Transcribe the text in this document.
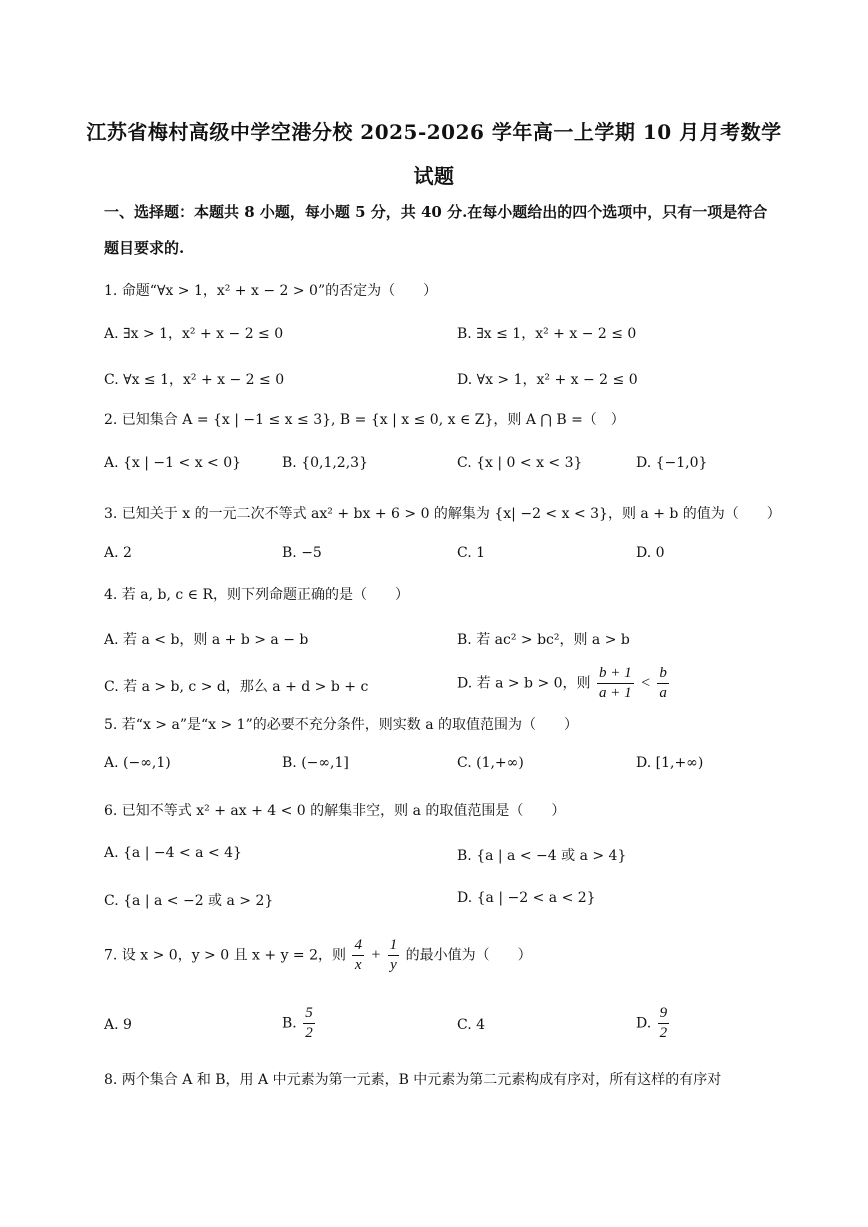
江苏省梅村高级中学空港分校 2025-2026 学年高一上学期 10 月月考数学
试题
一、选择题：本题共 8 小题，每小题 5 分，共 40 分.在每小题给出的四个选项中，只有一项是符合题目要求的.
1. 命题“∀x > 1，x² + x − 2 > 0”的否定为（　　）
A. ∃x > 1，x² + x − 2 ≤ 0	B. ∃x ≤ 1，x² + x − 2 ≤ 0
C. ∀x ≤ 1，x² + x − 2 ≤ 0	D. ∀x > 1，x² + x − 2 ≤ 0
2. 已知集合 A = {x | −1 ≤ x ≤ 3}, B = {x | x ≤ 0, x ∈ Z}，则 A ⋂ B =（　）
A. {x | −1 < x < 0}	B. {0,1,2,3}	C. {x | 0 < x < 3}	D. {−1,0}
3. 已知关于 x 的一元二次不等式 ax² + bx + 6 > 0 的解集为 {x| −2 < x < 3}，则 a + b 的值为（　　）
A. 2	B. −5	C. 1	D. 0
4. 若 a, b, c ∈ R，则下列命题正确的是（　　）
A. 若 a < b，则 a + b > a − b	B. 若 ac² > bc²，则 a > b
C. 若 a > b, c > d，那么 a + d > b + c	D. 若 a > b > 0，则 $\frac{b + 1}{a + 1} < \frac{b}{a}$
5. 若“x > a”是“x > 1”的必要不充分条件，则实数 a 的取值范围为（　　）
A. (−∞,1)	B. (−∞,1]	C. (1,+∞)	D. [1,+∞)
6. 已知不等式 x² + ax + 4 < 0 的解集非空，则 a 的取值范围是（　　）
A. {a | −4 < a < 4}	B. {a | a < −4 或 a > 4}
C. {a | a < −2 或 a > 2}	D. {a | −2 < a < 2}
7. 设 x > 0，y > 0 且 x + y = 2，则 $\frac{4}{x} + \frac{1}{y}$ 的最小值为（　　）
A. 9	B. $\frac{5}{2}$	C. 4	D. $\frac{9}{2}$
8. 两个集合 A 和 B，用 A 中元素为第一元素，B 中元素为第二元素构成有序对，所有这样的有序对
